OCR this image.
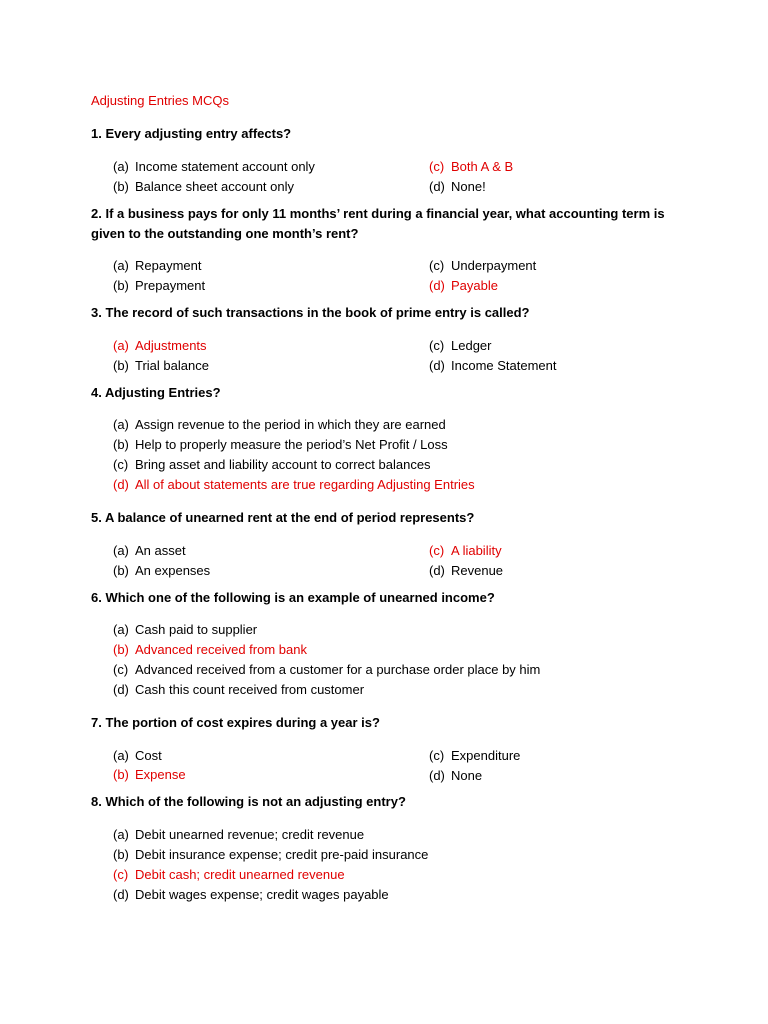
Adjusting Entries MCQs
1. Every adjusting entry affects?
(a) Income statement account only
(b) Balance sheet account only
(c) Both A & B
(d) None!
2. If a business pays for only 11 months’ rent during a financial year, what accounting term is given to the outstanding one month’s rent?
(a) Repayment
(b) Prepayment
(c) Underpayment
(d) Payable
3. The record of such transactions in the book of prime entry is called?
(a) Adjustments
(b) Trial balance
(c) Ledger
(d) Income Statement
4. Adjusting Entries?
(a) Assign revenue to the period in which they are earned
(b) Help to properly measure the period’s Net Profit / Loss
(c) Bring asset and liability account to correct balances
(d) All of about statements are true regarding Adjusting Entries
5. A balance of unearned rent at the end of period represents?
(a) An asset
(b) An expenses
(c) A liability
(d) Revenue
6. Which one of the following is an example of unearned income?
(a) Cash paid to supplier
(b) Advanced received from bank
(c) Advanced received from a customer for a purchase order place by him
(d) Cash this count received from customer
7. The portion of cost expires during a year is?
(a) Cost
(b) Expense
(c) Expenditure
(d) None
8. Which of the following is not an adjusting entry?
(a) Debit unearned revenue; credit revenue
(b) Debit insurance expense; credit pre-paid insurance
(c) Debit cash; credit unearned revenue
(d) Debit wages expense; credit wages payable
